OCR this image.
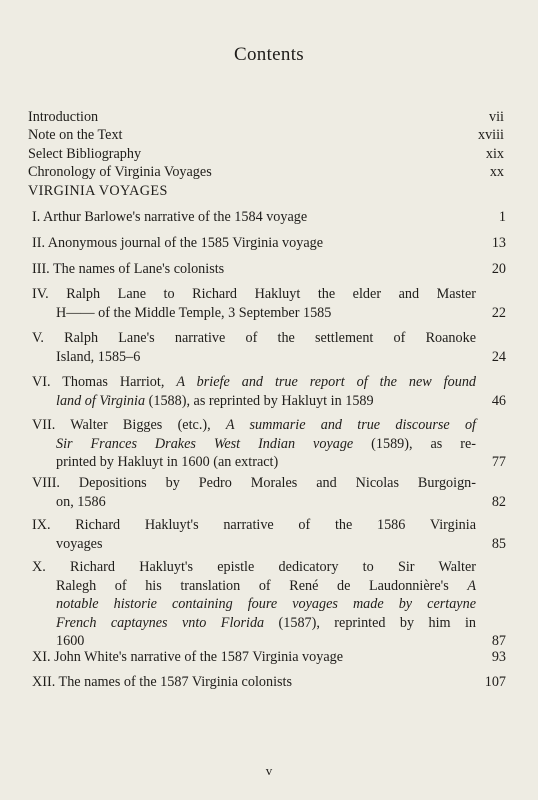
Contents
Introduction	vii
Note on the Text	xviii
Select Bibliography	xix
Chronology of Virginia Voyages	xx
VIRGINIA VOYAGES
I. Arthur Barlowe's narrative of the 1584 voyage	1
II. Anonymous journal of the 1585 Virginia voyage	13
III. The names of Lane's colonists	20
IV. Ralph Lane to Richard Hakluyt the elder and Master
H—— of the Middle Temple, 3 September 1585	22
V. Ralph Lane's narrative of the settlement of Roanoke
Island, 1585–6	24
VI. Thomas Harriot, A briefe and true report of the new found
land of Virginia (1588), as reprinted by Hakluyt in 1589	46
VII. Walter Bigges (etc.), A summarie and true discourse of
Sir Frances Drakes West Indian voyage (1589), as re-
printed by Hakluyt in 1600 (an extract)	77
VIII. Depositions by Pedro Morales and Nicolas Burgoign-
on, 1586	82
IX. Richard Hakluyt's narrative of the 1586 Virginia
voyages	85
X. Richard Hakluyt's epistle dedicatory to Sir Walter
Ralegh of his translation of René de Laudonnière's A
notable historie containing foure voyages made by certayne
French captaynes vnto Florida (1587), reprinted by him in
1600	87
XI. John White's narrative of the 1587 Virginia voyage	93
XII. The names of the 1587 Virginia colonists	107
v
